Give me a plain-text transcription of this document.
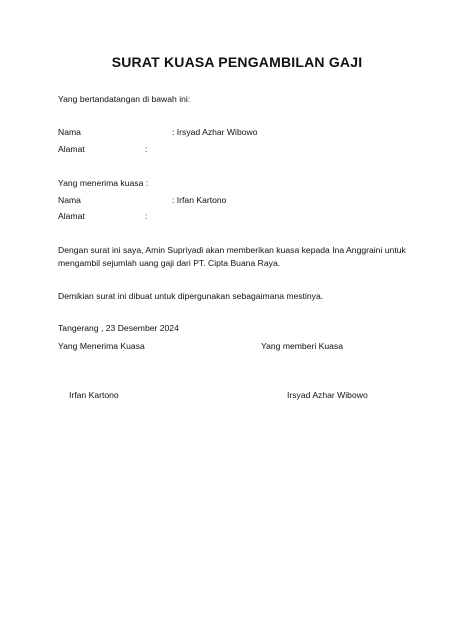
SURAT KUASA PENGAMBILAN GAJI
Yang bertandatangan di bawah ini:
Nama	: Irsyad Azhar Wibowo
Alamat	:
Yang menerima kuasa :
Nama	: Irfan Kartono
Alamat	:
Dengan surat ini saya, Amin Supriyadi akan memberikan kuasa kepada Ina Anggraini untuk mengambil sejumlah uang gaji dari PT. Cipta Buana Raya.
Demikian surat ini dibuat untuk dipergunakan sebagaimana mestinya.
Tangerang , 23 Desember 2024
Yang Menerima Kuasa	Yang memberi Kuasa
Irfan Kartono	Irsyad Azhar Wibowo
